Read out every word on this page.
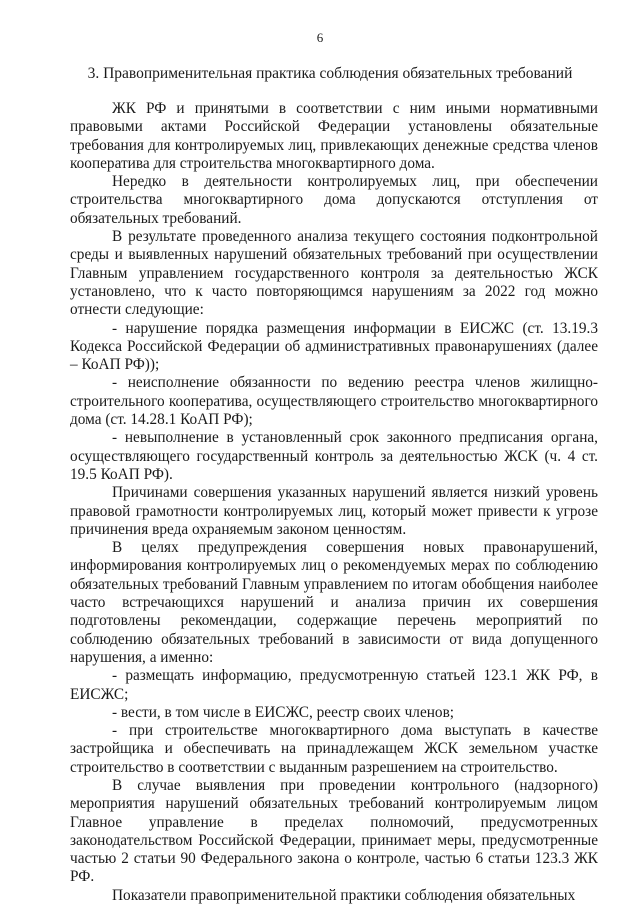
6
3. Правоприменительная практика соблюдения обязательных требований

ЖК РФ и принятыми в соответствии с ним иными нормативными правовыми актами Российской Федерации установлены обязательные требования для контролируемых лиц, привлекающих денежные средства членов кооператива для строительства многоквартирного дома.

Нередко в деятельности контролируемых лиц, при обеспечении строительства многоквартирного дома допускаются отступления от обязательных требований.

В результате проведенного анализа текущего состояния подконтрольной среды и выявленных нарушений обязательных требований при осуществлении Главным управлением государственного контроля за деятельностью ЖСК установлено, что к часто повторяющимся нарушениям за 2022 год можно отнести следующие:

- нарушение порядка размещения информации в ЕИСЖС (ст. 13.19.3 Кодекса Российской Федерации об административных правонарушениях (далее – КоАП РФ));

- неисполнение обязанности по ведению реестра членов жилищно-строительного кооператива, осуществляющего строительство многоквартирного дома (ст. 14.28.1 КоАП РФ);

- невыполнение в установленный срок законного предписания органа, осуществляющего государственный контроль за деятельностью ЖСК (ч. 4 ст. 19.5 КоАП РФ).

Причинами совершения указанных нарушений является низкий уровень правовой грамотности контролируемых лиц, который может привести к угрозе причинения вреда охраняемым законом ценностям.

В целях предупреждения совершения новых правонарушений, информирования контролируемых лиц о рекомендуемых мерах по соблюдению обязательных требований Главным управлением по итогам обобщения наиболее часто встречающихся нарушений и анализа причин их совершения подготовлены рекомендации, содержащие перечень мероприятий по соблюдению обязательных требований в зависимости от вида допущенного нарушения, а именно:

- размещать информацию, предусмотренную статьей 123.1 ЖК РФ, в ЕИСЖС;

- вести, в том числе в ЕИСЖС, реестр своих членов;

- при строительстве многоквартирного дома выступать в качестве застройщика и обеспечивать на принадлежащем ЖСК земельном участке строительство в соответствии с выданным разрешением на строительство.

В случае выявления при проведении контрольного (надзорного) мероприятия нарушений обязательных требований контролируемым лицом Главное управление в пределах полномочий, предусмотренных законодательством Российской Федерации, принимает меры, предусмотренные частью 2 статьи 90 Федерального закона о контроле, частью 6 статьи 123.3 ЖК РФ.

Показатели правоприменительной практики соблюдения обязательных
